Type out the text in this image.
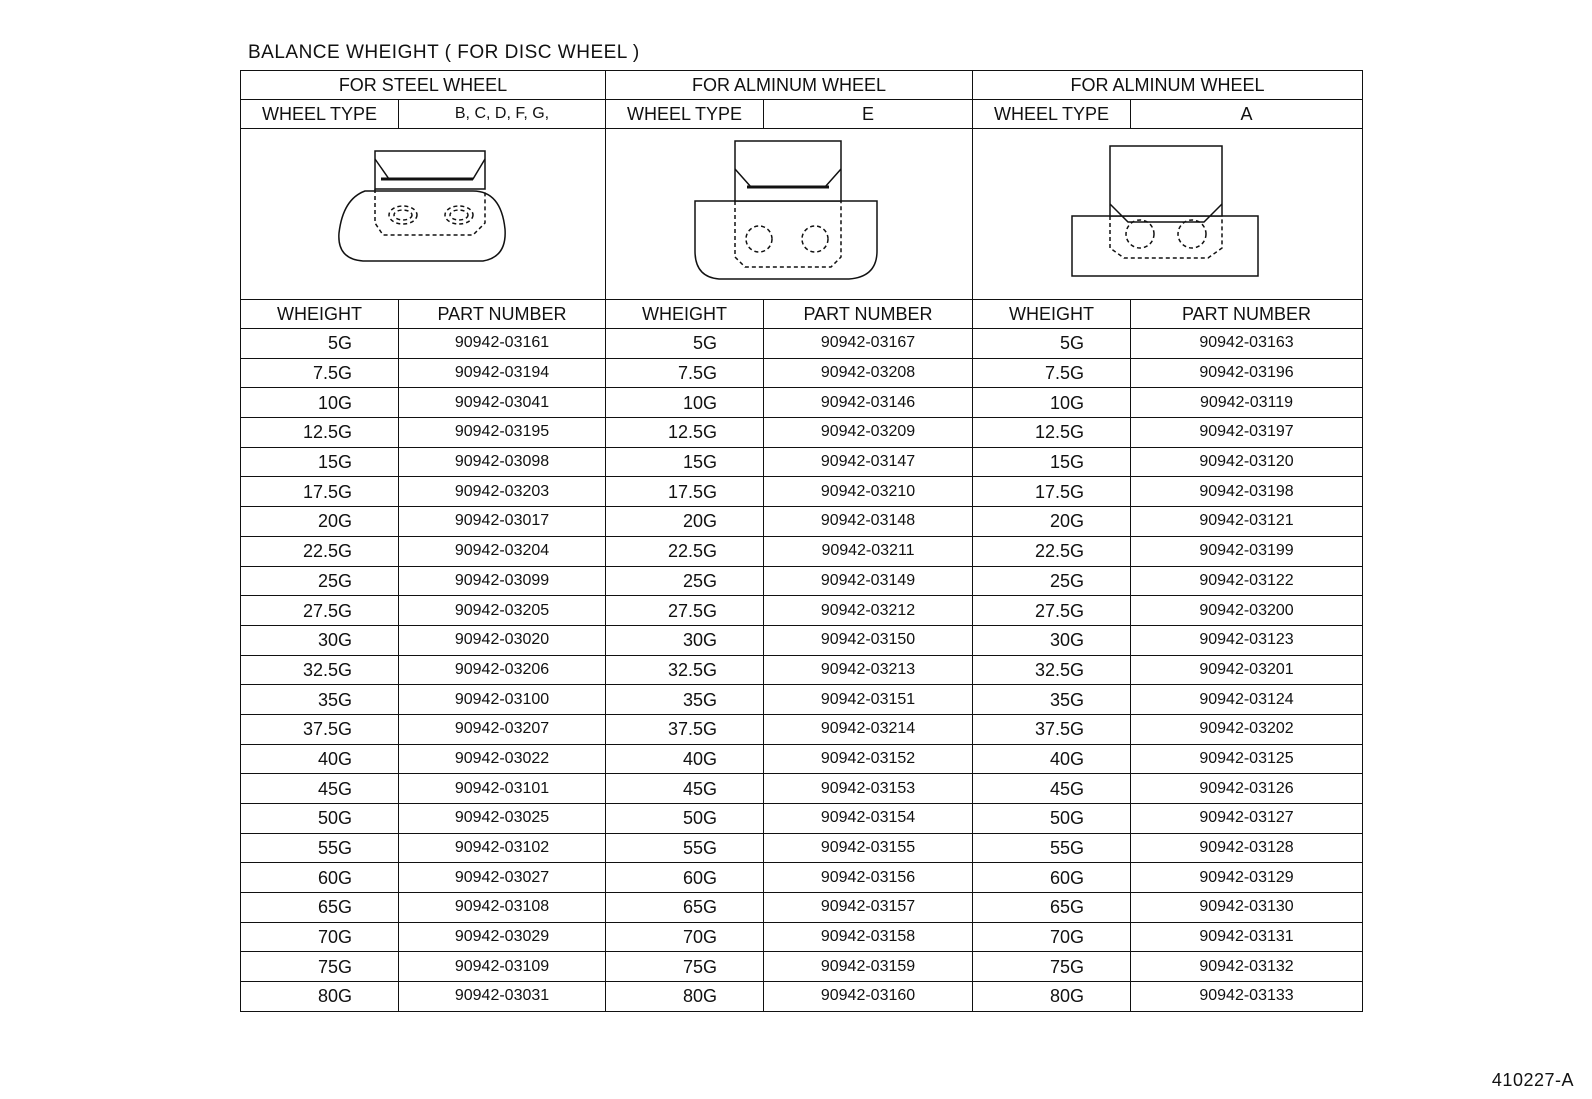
BALANCE WHEIGHT ( FOR DISC WHEEL )
FOR STEEL WHEEL		FOR ALMINUM WHEEL		FOR ALMINUM WHEEL	
WHEEL TYPE	B, C, D, F, G,	WHEEL TYPE	E	WHEEL TYPE	A

WHEIGHT	PART NUMBER	WHEIGHT	PART NUMBER	WHEIGHT	PART NUMBER
5G	90942-03161	5G	90942-03167	5G	90942-03163
7.5G	90942-03194	7.5G	90942-03208	7.5G	90942-03196
10G	90942-03041	10G	90942-03146	10G	90942-03119
12.5G	90942-03195	12.5G	90942-03209	12.5G	90942-03197
15G	90942-03098	15G	90942-03147	15G	90942-03120
17.5G	90942-03203	17.5G	90942-03210	17.5G	90942-03198
20G	90942-03017	20G	90942-03148	20G	90942-03121
22.5G	90942-03204	22.5G	90942-03211	22.5G	90942-03199
25G	90942-03099	25G	90942-03149	25G	90942-03122
27.5G	90942-03205	27.5G	90942-03212	27.5G	90942-03200
30G	90942-03020	30G	90942-03150	30G	90942-03123
32.5G	90942-03206	32.5G	90942-03213	32.5G	90942-03201
35G	90942-03100	35G	90942-03151	35G	90942-03124
37.5G	90942-03207	37.5G	90942-03214	37.5G	90942-03202
40G	90942-03022	40G	90942-03152	40G	90942-03125
45G	90942-03101	45G	90942-03153	45G	90942-03126
50G	90942-03025	50G	90942-03154	50G	90942-03127
55G	90942-03102	55G	90942-03155	55G	90942-03128
60G	90942-03027	60G	90942-03156	60G	90942-03129
65G	90942-03108	65G	90942-03157	65G	90942-03130
70G	90942-03029	70G	90942-03158	70G	90942-03131
75G	90942-03109	75G	90942-03159	75G	90942-03132
80G	90942-03031	80G	90942-03160	80G	90942-03133
410227-A
